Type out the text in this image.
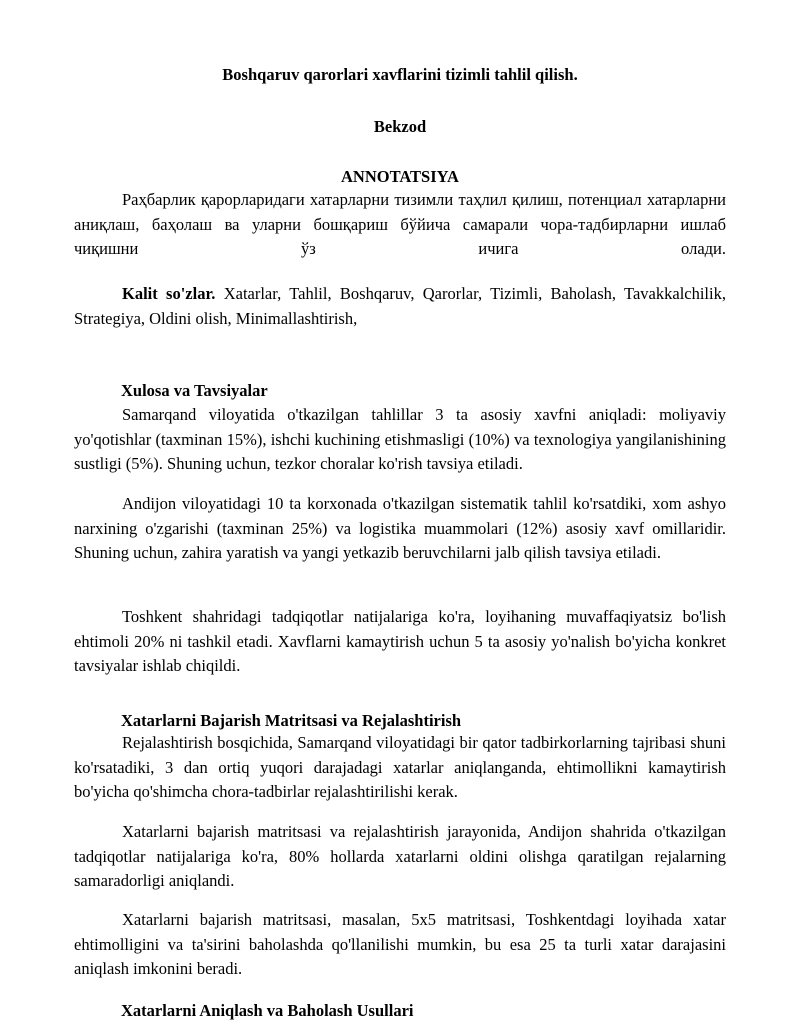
Boshqaruv qarorlari xavflarini tizimli tahlil qilish.
Bekzod
ANNOTATSIYA

Раҳбарлик қарорларидаги хатарларни тизимли таҳлил қилиш, потенциал хатарларни аниқлаш, баҳолаш ва уларни бошқариш бўйича самарали чора-тадбирларни ишлаб чиқишни ўз ичига олади.

Kalit so'zlar. Xatarlar, Tahlil, Boshqaruv, Qarorlar, Tizimli, Baholash, Tavakkalchilik, Strategiya, Oldini olish, Minimallashtirish,

Xulosa va Tavsiyalar

Samarqand viloyatida o'tkazilgan tahlillar 3 ta asosiy xavfni aniqladi: moliyaviy yo'qotishlar (taxminan 15%), ishchi kuchining etishmasligi (10%) va texnologiya yangilanishining sustligi (5%). Shuning uchun, tezkor choralar ko'rish tavsiya etiladi.

Andijon viloyatidagi 10 ta korxonada o'tkazilgan sistematik tahlil ko'rsatdiki, xom ashyo narxining o'zgarishi (taxminan 25%) va logistika muammolari (12%) asosiy xavf omillaridir. Shuning uchun, zahira yaratish va yangi yetkazib beruvchilarni jalb qilish tavsiya etiladi.

Toshkent shahridagi tadqiqotlar natijalariga ko'ra, loyihaning muvaffaqiyatsiz bo'lish ehtimoli 20% ni tashkil etadi. Xavflarni kamaytirish uchun 5 ta asosiy yo'nalish bo'yicha konkret tavsiyalar ishlab chiqildi.

Xatarlarni Bajarish Matritsasi va Rejalashtirish

Rejalashtirish bosqichida, Samarqand viloyatidagi bir qator tadbirkorlarning tajribasi shuni ko'rsatadiki, 3 dan ortiq yuqori darajadagi xatarlar aniqlanganda, ehtimollikni kamaytirish bo'yicha qo'shimcha chora-tadbirlar rejalashtirilishi kerak.

Xatarlarni bajarish matritsasi va rejalashtirish jarayonida, Andijon shahrida o'tkazilgan tadqiqotlar natijalariga ko'ra, 80% hollarda xatarlarni oldini olishga qaratilgan rejalarning samaradorligi aniqlandi.

Xatarlarni bajarish matritsasi, masalan, 5x5 matritsasi, Toshkentdagi loyihada xatar ehtimolligini va ta'sirini baholashda qo'llanilishi mumkin, bu esa 25 ta turli xatar darajasini aniqlash imkonini beradi.

Xatarlarni Aniqlash va Baholash Usullari
